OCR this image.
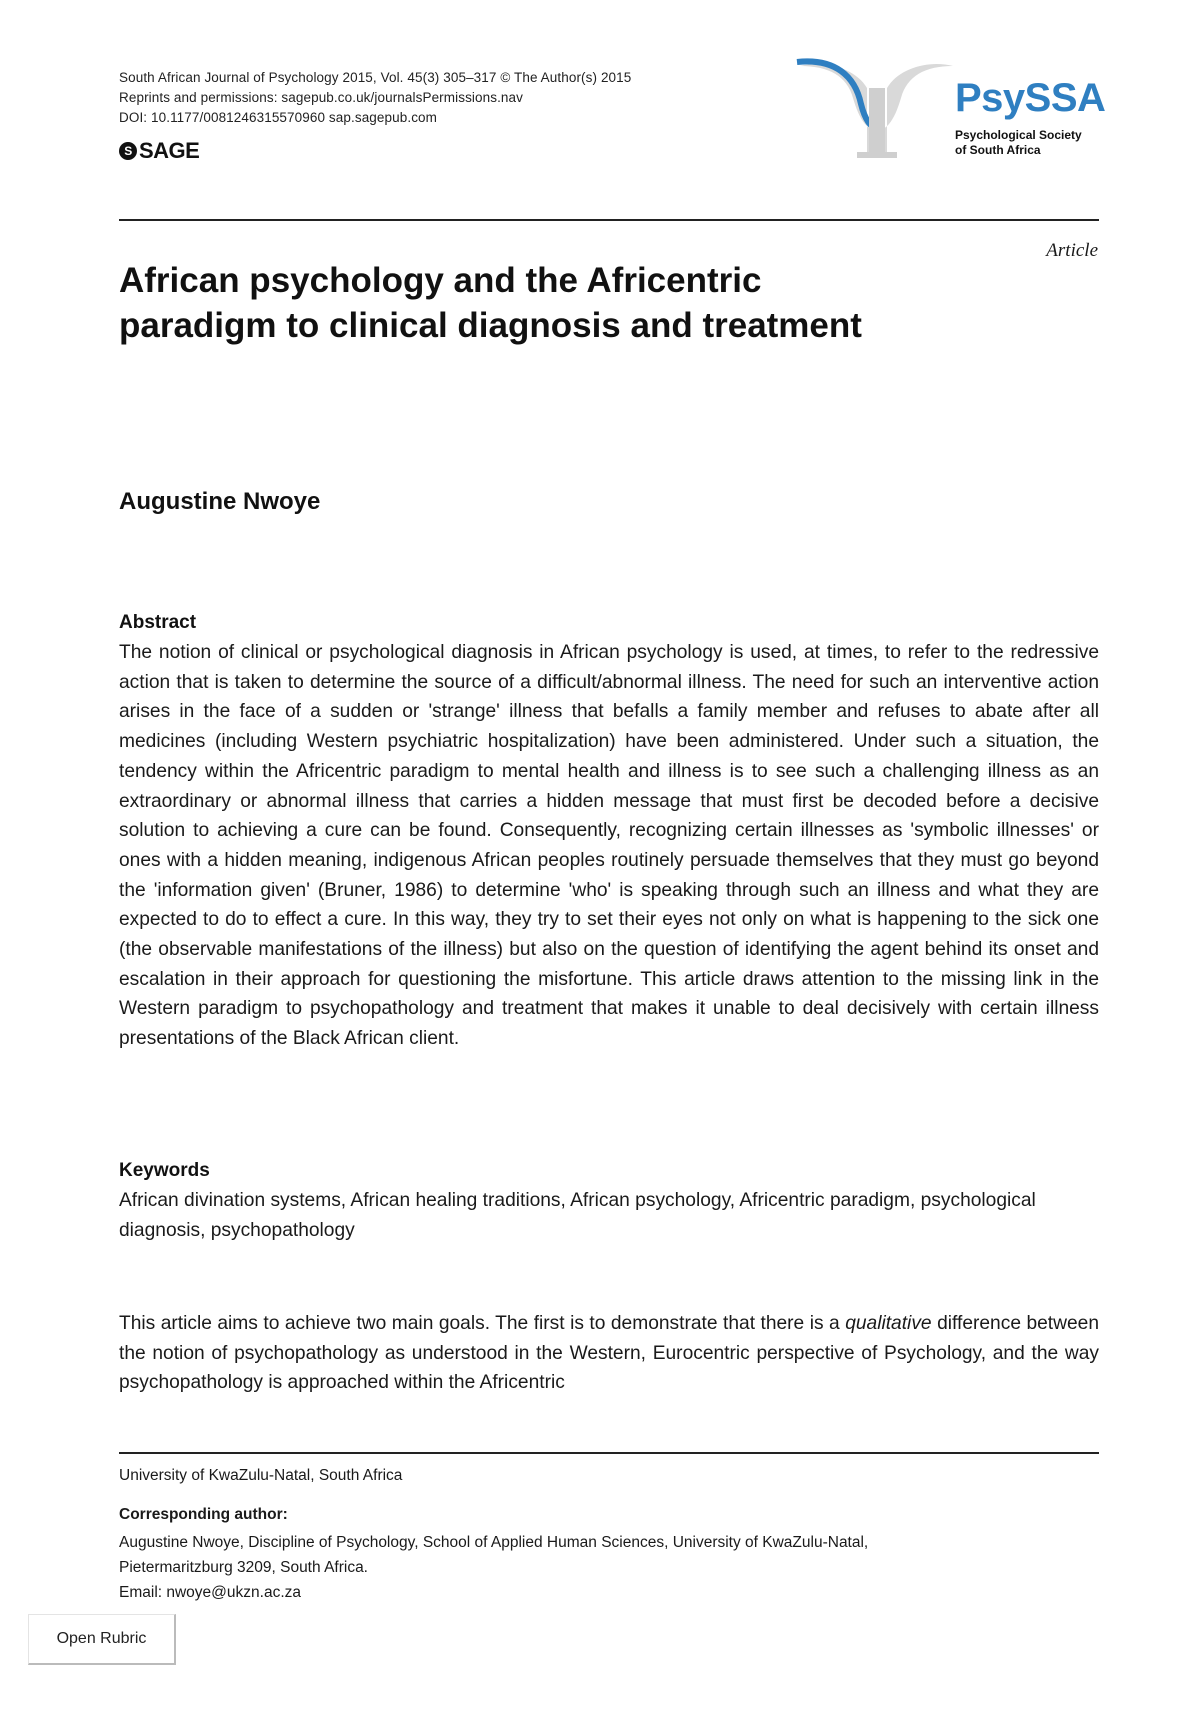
South African Journal of Psychology 2015, Vol. 45(3) 305–317 © The Author(s) 2015
Reprints and permissions: sagepub.co.uk/journalsPermissions.nav
DOI: 10.1177/0081246315570960 sap.sagepub.com
S SAGE
PsySSA
Psychological Society
of South Africa
Article
African psychology and the Africentric paradigm to clinical diagnosis and treatment
Augustine Nwoye
Abstract
The notion of clinical or psychological diagnosis in African psychology is used, at times, to refer to the redressive action that is taken to determine the source of a difficult/abnormal illness. The need for such an interventive action arises in the face of a sudden or 'strange' illness that befalls a family member and refuses to abate after all medicines (including Western psychiatric hospitalization) have been administered. Under such a situation, the tendency within the Africentric paradigm to mental health and illness is to see such a challenging illness as an extraordinary or abnormal illness that carries a hidden message that must first be decoded before a decisive solution to achieving a cure can be found. Consequently, recognizing certain illnesses as 'symbolic illnesses' or ones with a hidden meaning, indigenous African peoples routinely persuade themselves that they must go beyond the 'information given' (Bruner, 1986) to determine 'who' is speaking through such an illness and what they are expected to do to effect a cure. In this way, they try to set their eyes not only on what is happening to the sick one (the observable manifestations of the illness) but also on the question of identifying the agent behind its onset and escalation in their approach for questioning the misfortune. This article draws attention to the missing link in the Western paradigm to psychopathology and treatment that makes it unable to deal decisively with certain illness presentations of the Black African client.
Keywords
African divination systems, African healing traditions, African psychology, Africentric paradigm, psychological diagnosis, psychopathology
This article aims to achieve two main goals. The first is to demonstrate that there is a qualitative difference between the notion of psychopathology as understood in the Western, Eurocentric perspective of Psychology, and the way psychopathology is approached within the Africentric
University of KwaZulu-Natal, South Africa
Corresponding author:
Augustine Nwoye, Discipline of Psychology, School of Applied Human Sciences, University of KwaZulu-Natal,
Pietermaritzburg 3209, South Africa.
Email: nwoye@ukzn.ac.za
Open Rubric
